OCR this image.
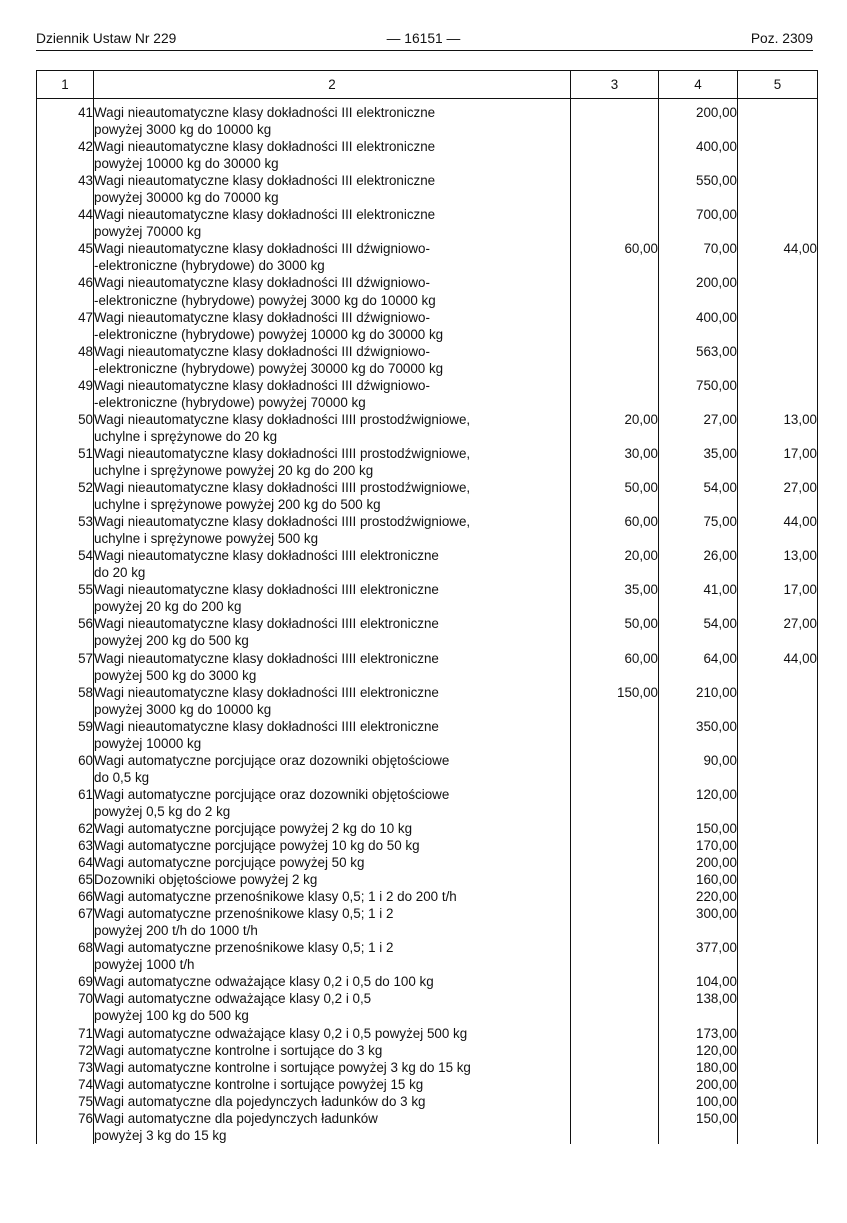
Dziennik Ustaw Nr 229	— 16151 —	Poz. 2309
1	2	3	4	5

41	Wagi nieautomatyczne klasy dokładności III elektroniczne
powyżej 3000 kg do 10000 kg		200,00	
42	Wagi nieautomatyczne klasy dokładności III elektroniczne
powyżej 10000 kg do 30000 kg		400,00	
43	Wagi nieautomatyczne klasy dokładności III elektroniczne
powyżej 30000 kg do 70000 kg		550,00	
44	Wagi nieautomatyczne klasy dokładności III elektroniczne
powyżej 70000 kg		700,00	
45	Wagi nieautomatyczne klasy dokładności III dźwigniowo-
-elektroniczne (hybrydowe) do 3000 kg	60,00	70,00	44,00
46	Wagi nieautomatyczne klasy dokładności III dźwigniowo-
-elektroniczne (hybrydowe) powyżej 3000 kg do 10000 kg		200,00	
47	Wagi nieautomatyczne klasy dokładności III dźwigniowo-
-elektroniczne (hybrydowe) powyżej 10000 kg do 30000 kg		400,00	
48	Wagi nieautomatyczne klasy dokładności III dźwigniowo-
-elektroniczne (hybrydowe) powyżej 30000 kg do 70000 kg		563,00	
49	Wagi nieautomatyczne klasy dokładności III dźwigniowo-
-elektroniczne (hybrydowe) powyżej 70000 kg		750,00	
50	Wagi nieautomatyczne klasy dokładności IIII prostodźwigniowe,
uchylne i sprężynowe do 20 kg	20,00	27,00	13,00
51	Wagi nieautomatyczne klasy dokładności IIII prostodźwigniowe,
uchylne i sprężynowe powyżej 20 kg do 200 kg	30,00	35,00	17,00
52	Wagi nieautomatyczne klasy dokładności IIII prostodźwigniowe,
uchylne i sprężynowe powyżej 200 kg do 500 kg	50,00	54,00	27,00
53	Wagi nieautomatyczne klasy dokładności IIII prostodźwigniowe,
uchylne i sprężynowe powyżej 500 kg	60,00	75,00	44,00
54	Wagi nieautomatyczne klasy dokładności IIII elektroniczne
do 20 kg	20,00	26,00	13,00
55	Wagi nieautomatyczne klasy dokładności IIII elektroniczne
powyżej 20 kg do 200 kg	35,00	41,00	17,00
56	Wagi nieautomatyczne klasy dokładności IIII elektroniczne
powyżej 200 kg do 500 kg	50,00	54,00	27,00
57	Wagi nieautomatyczne klasy dokładności IIII elektroniczne
powyżej 500 kg do 3000 kg	60,00	64,00	44,00
58	Wagi nieautomatyczne klasy dokładności IIII elektroniczne
powyżej 3000 kg do 10000 kg	150,00	210,00	
59	Wagi nieautomatyczne klasy dokładności IIII elektroniczne
powyżej 10000 kg		350,00	
60	Wagi automatyczne porcjujące oraz dozowniki objętościowe
do 0,5 kg		90,00	
61	Wagi automatyczne porcjujące oraz dozowniki objętościowe
powyżej 0,5 kg do 2 kg		120,00	
62	Wagi automatyczne porcjujące powyżej 2 kg do 10 kg		150,00	
63	Wagi automatyczne porcjujące powyżej 10 kg do 50 kg		170,00	
64	Wagi automatyczne porcjujące powyżej 50 kg		200,00	
65	Dozowniki objętościowe powyżej 2 kg		160,00	
66	Wagi automatyczne przenośnikowe klasy 0,5; 1 i 2 do 200 t/h		220,00	
67	Wagi automatyczne przenośnikowe klasy 0,5; 1 i 2
powyżej 200 t/h do 1000 t/h		300,00	
68	Wagi automatyczne przenośnikowe klasy 0,5; 1 i 2
powyżej 1000 t/h		377,00	
69	Wagi automatyczne odważające klasy 0,2 i 0,5 do 100 kg		104,00	
70	Wagi automatyczne odważające klasy 0,2 i 0,5
powyżej 100 kg do 500 kg		138,00	
71	Wagi automatyczne odważające klasy 0,2 i 0,5 powyżej 500 kg		173,00	
72	Wagi automatyczne kontrolne i sortujące do 3 kg		120,00	
73	Wagi automatyczne kontrolne i sortujące powyżej 3 kg do 15 kg		180,00	
74	Wagi automatyczne kontrolne i sortujące powyżej 15 kg		200,00	
75	Wagi automatyczne dla pojedynczych ładunków do 3 kg		100,00	
76	Wagi automatyczne dla pojedynczych ładunków
powyżej 3 kg do 15 kg		150,00	
